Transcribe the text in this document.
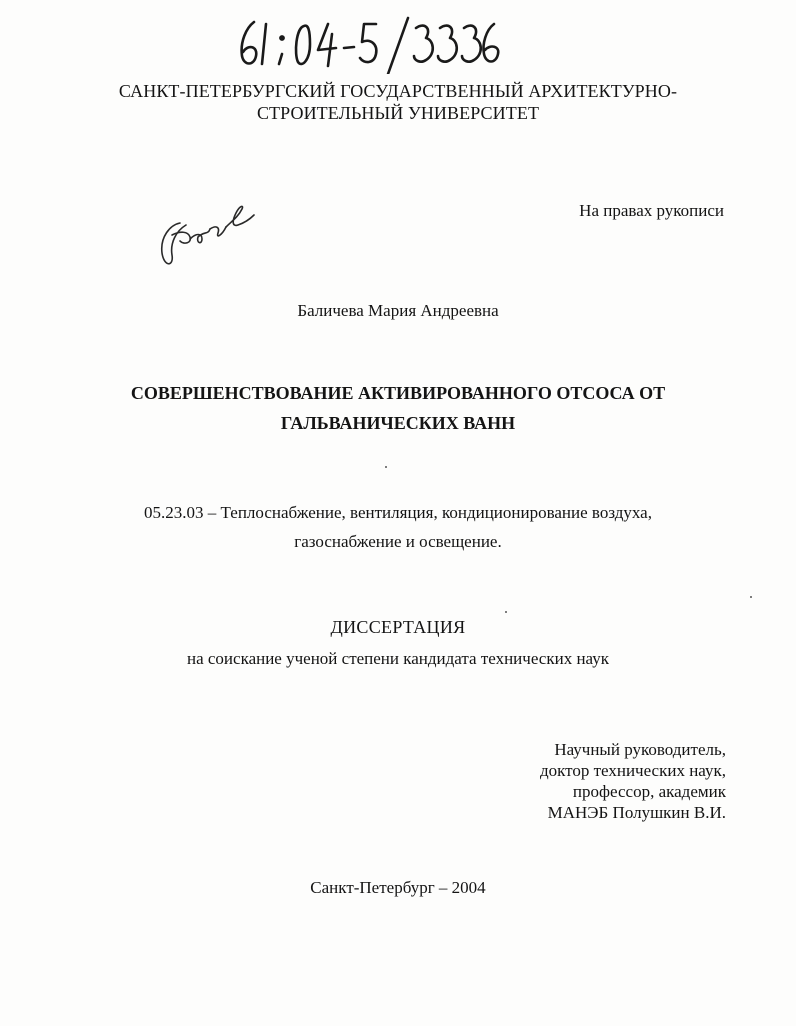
САНКТ-ПЕТЕРБУРГСКИЙ ГОСУДАРСТВЕННЫЙ АРХИТЕКТУРНО-
СТРОИТЕЛЬНЫЙ УНИВЕРСИТЕТ
На правах рукописи
Баличева Мария Андреевна
СОВЕРШЕНСТВОВАНИЕ АКТИВИРОВАННОГО ОТСОСА ОТ
ГАЛЬВАНИЧЕСКИХ ВАНН
05.23.03 – Теплоснабжение, вентиляция, кондиционирование воздуха,
газоснабжение и освещение.
ДИССЕРТАЦИЯ
на соискание ученой степени кандидата технических наук
Научный руководитель,
доктор технических наук,
профессор, академик
МАНЭБ Полушкин В.И.
Санкт-Петербург – 2004
